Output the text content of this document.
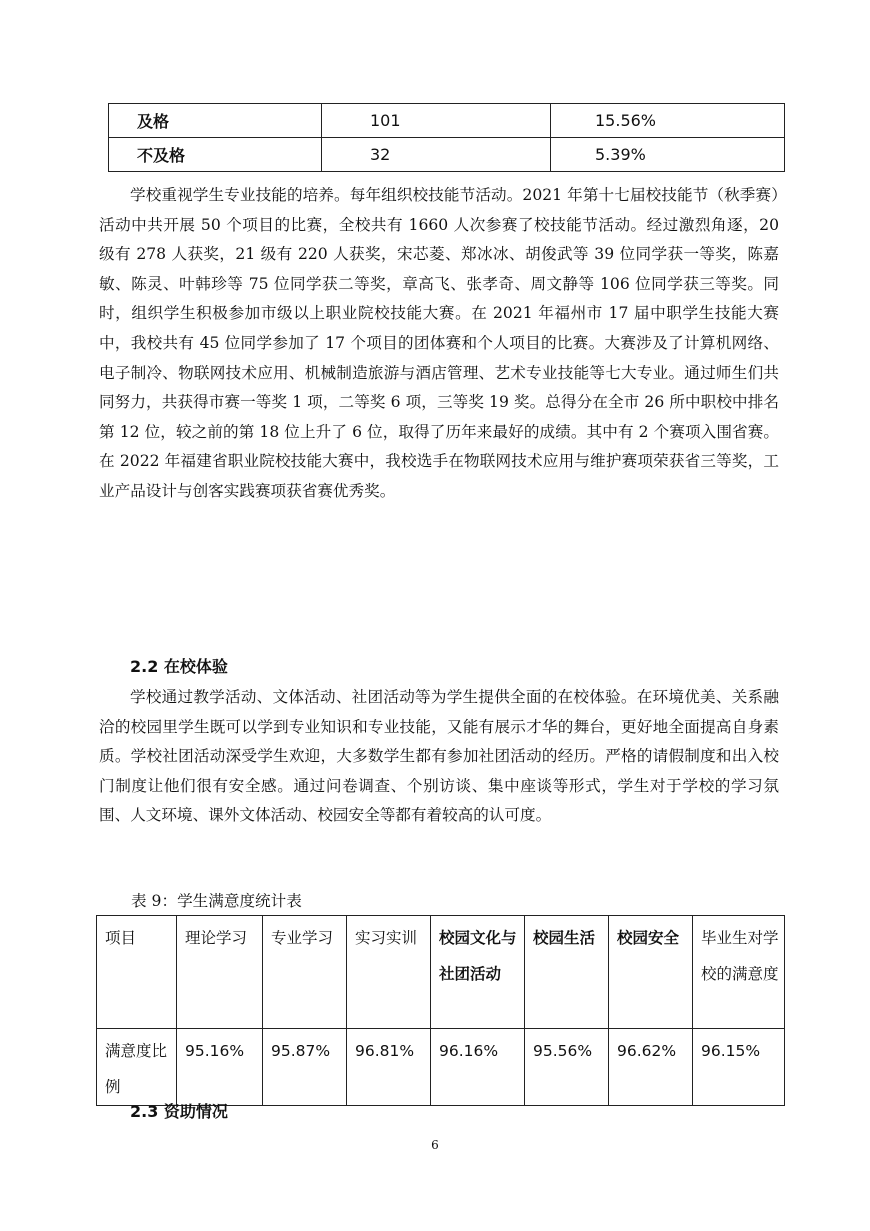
及格	101	15.56%
不及格	32	5.39%
学校重视学生专业技能的培养。每年组织校技能节活动。2021 年第十七届校技能节（秋季赛）活动中共开展 50 个项目的比赛，全校共有 1660 人次参赛了校技能节活动。经过激烈角逐，20 级有 278 人获奖，21 级有 220 人获奖，宋芯菱、郑冰冰、胡俊武等 39 位同学获一等奖，陈嘉敏、陈灵、叶韩珍等 75 位同学获二等奖，章高飞、张孝奇、周文静等 106 位同学获三等奖。同时，组织学生积极参加市级以上职业院校技能大赛。在 2021 年福州市 17 届中职学生技能大赛中，我校共有 45 位同学参加了 17 个项目的团体赛和个人项目的比赛。大赛涉及了计算机网络、电子制冷、物联网技术应用、机械制造旅游与酒店管理、艺术专业技能等七大专业。通过师生们共同努力，共获得市赛一等奖 1 项，二等奖 6 项，三等奖 19 奖。总得分在全市 26 所中职校中排名第 12 位，较之前的第 18 位上升了 6 位，取得了历年来最好的成绩。其中有 2 个赛项入围省赛。在 2022 年福建省职业院校技能大赛中，我校选手在物联网技术应用与维护赛项荣获省三等奖，工业产品设计与创客实践赛项获省赛优秀奖。
2.2 在校体验
学校通过教学活动、文体活动、社团活动等为学生提供全面的在校体验。在环境优美、关系融洽的校园里学生既可以学到专业知识和专业技能，又能有展示才华的舞台，更好地全面提高自身素质。学校社团活动深受学生欢迎，大多数学生都有参加社团活动的经历。严格的请假制度和出入校门制度让他们很有安全感。通过问卷调查、个别访谈、集中座谈等形式，学生对于学校的学习氛围、人文环境、课外文体活动、校园安全等都有着较高的认可度。
表 9：学生满意度统计表
项目	理论学习	专业学习	实习实训	校园文化与社团活动	校园生活	校园安全	毕业生对学校的满意度
满意度比例	95.16%	95.87%	96.81%	96.16%	95.56%	96.62%	96.15%
2.3 资助情况
6
